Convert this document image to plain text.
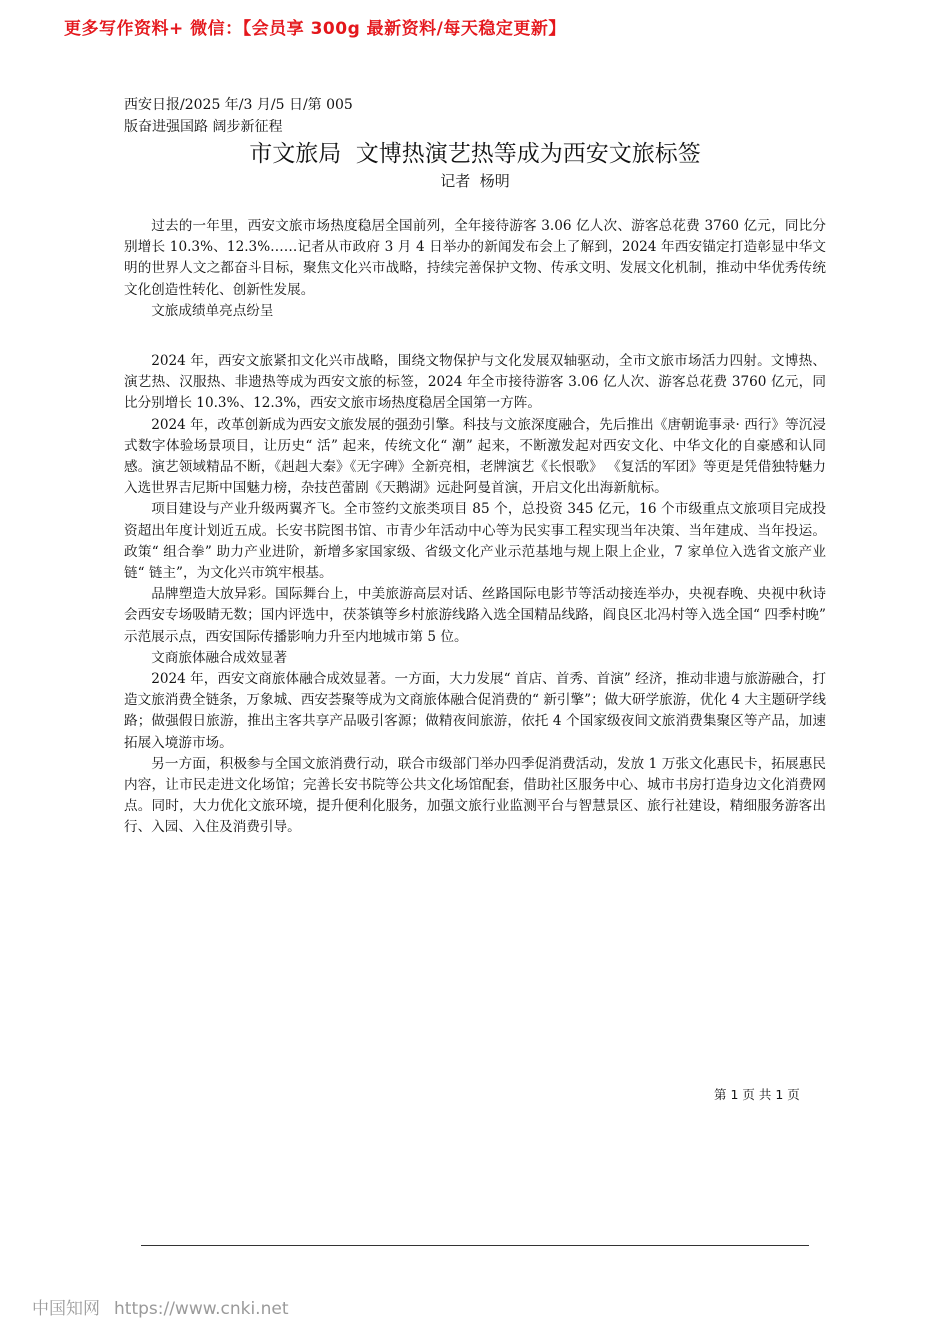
更多写作资料+ 微信：【会员享 300g 最新资料/每天稳定更新】
西安日报/2025 年/3 月/5 日/第 005
版奋进强国路 阔步新征程
市文旅局  文博热演艺热等成为西安文旅标签
记者  杨明

过去的一年里，西安文旅市场热度稳居全国前列，全年接待游客 3.06 亿人次、游客总花费 3760 亿元，同比分别增长 10.3%、12.3%……记者从市政府 3 月 4 日举办的新闻发布会上了解到，2024 年西安锚定打造彰显中华文明的世界人文之都奋斗目标，聚焦文化兴市战略，持续完善保护文物、传承文明、发展文化机制，推动中华优秀传统文化创造性转化、创新性发展。

文旅成绩单亮点纷呈

2024 年，西安文旅紧扣文化兴市战略，围绕文物保护与文化发展双轴驱动，全市文旅市场活力四射。文博热、演艺热、汉服热、非遗热等成为西安文旅的标签，2024 年全市接待游客 3.06 亿人次、游客总花费 3760 亿元，同比分别增长 10.3%、12.3%，西安文旅市场热度稳居全国第一方阵。

2024 年，改革创新成为西安文旅发展的强劲引擎。科技与文旅深度融合，先后推出《唐朝诡事录· 西行》等沉浸式数字体验场景项目，让历史“ 活” 起来，传统文化“ 潮” 起来，不断激发起对西安文化、中华文化的自豪感和认同感。演艺领域精品不断，《赳赳大秦》《无字碑》全新亮相，老牌演艺《长恨歌》 《复活的军团》等更是凭借独特魅力入选世界吉尼斯中国魅力榜，杂技芭蕾剧《天鹅湖》远赴阿曼首演，开启文化出海新航标。

项目建设与产业升级两翼齐飞。全市签约文旅类项目 85 个，总投资 345 亿元，16 个市级重点文旅项目完成投资超出年度计划近五成。长安书院图书馆、市青少年活动中心等为民实事工程实现当年决策、当年建成、当年投运。政策“ 组合拳” 助力产业进阶，新增多家国家级、省级文化产业示范基地与规上限上企业，7 家单位入选省文旅产业链“ 链主”，为文化兴市筑牢根基。

品牌塑造大放异彩。国际舞台上，中美旅游高层对话、丝路国际电影节等活动接连举办，央视春晚、央视中秋诗会西安专场吸睛无数；国内评选中，茯茶镇等乡村旅游线路入选全国精品线路，阎良区北冯村等入选全国“ 四季村晚” 示范展示点，西安国际传播影响力升至内地城市第 5 位。

文商旅体融合成效显著

2024 年，西安文商旅体融合成效显著。一方面，大力发展“ 首店、首秀、首演” 经济，推动非遗与旅游融合，打造文旅消费全链条，万象城、西安荟聚等成为文商旅体融合促消费的“ 新引擎”；做大研学旅游，优化 4 大主题研学线路；做强假日旅游，推出主客共享产品吸引客源；做精夜间旅游，依托 4 个国家级夜间文旅消费集聚区等产品，加速拓展入境游市场。

另一方面，积极参与全国文旅消费行动，联合市级部门举办四季促消费活动，发放 1 万张文化惠民卡，拓展惠民内容，让市民走进文化场馆；完善长安书院等公共文化场馆配套，借助社区服务中心、城市书房打造身边文化消费网点。同时，大力优化文旅环境，提升便利化服务，加强文旅行业监测平台与智慧景区、旅行社建设，精细服务游客出行、入园、入住及消费引导。

第 1 页 共 1 页
中国知网 https://www.cnki.net
